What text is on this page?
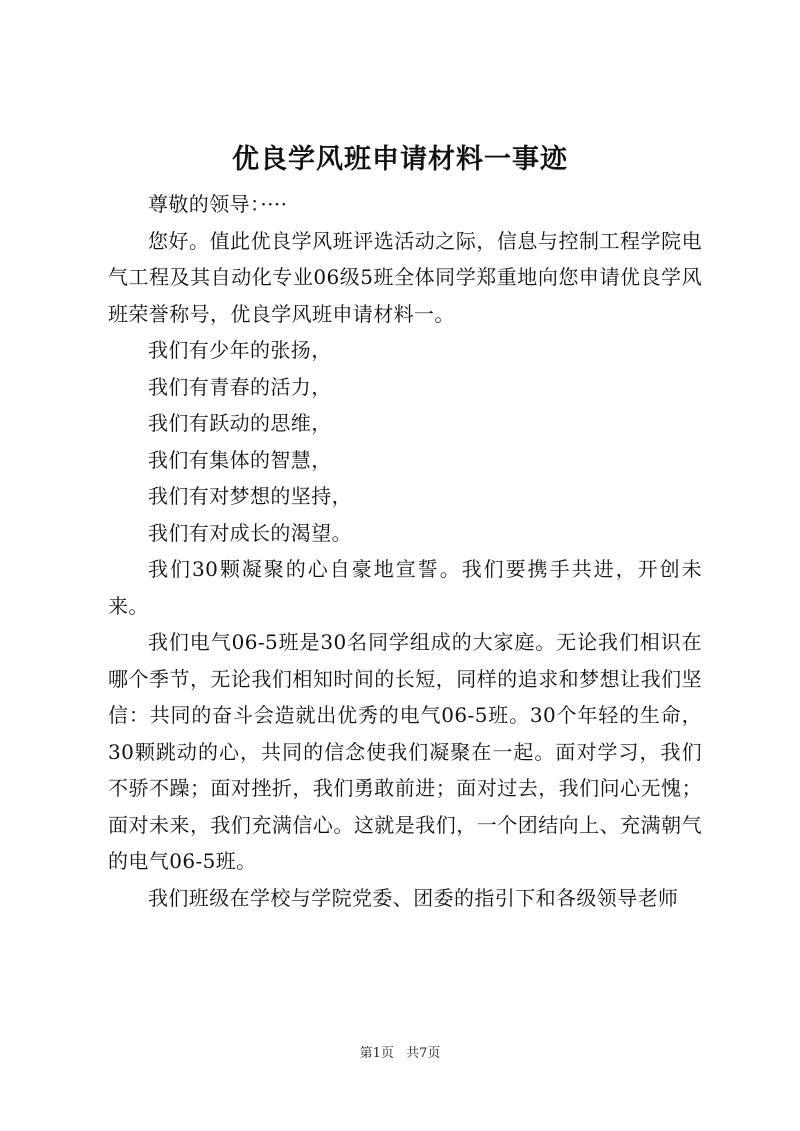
优良学风班申请材料一事迹

尊敬的领导：····

您好。值此优良学风班评选活动之际，信息与控制工程学院电气工程及其自动化专业06级5班全体同学郑重地向您申请优良学风班荣誉称号，优良学风班申请材料一。

我们有少年的张扬，

我们有青春的活力，

我们有跃动的思维，

我们有集体的智慧，

我们有对梦想的坚持，

我们有对成长的渴望。

我们30颗凝聚的心自豪地宣誓。我们要携手共进，开创未来。

我们电气06-5班是30名同学组成的大家庭。无论我们相识在哪个季节，无论我们相知时间的长短，同样的追求和梦想让我们坚信：共同的奋斗会造就出优秀的电气06-5班。30个年轻的生命，30颗跳动的心，共同的信念使我们凝聚在一起。面对学习，我们不骄不躁；面对挫折，我们勇敢前进；面对过去，我们问心无愧；面对未来，我们充满信心。这就是我们，一个团结向上、充满朝气的电气06-5班。

我们班级在学校与学院党委、团委的指引下和各级领导老师

第1页 共7页
